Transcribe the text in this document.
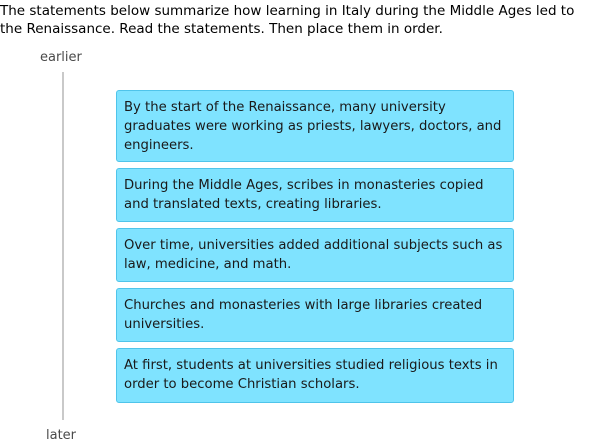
The statements below summarize how learning in Italy during the Middle Ages led to the Renaissance. Read the statements. Then place them in order.

earlier
later
By the start of the Renaissance, many university graduates were working as priests, lawyers, doctors, and engineers.
During the Middle Ages, scribes in monasteries copied and translated texts, creating libraries.
Over time, universities added additional subjects such as law, medicine, and math.
Churches and monasteries with large libraries created universities.
At first, students at universities studied religious texts in order to become Christian scholars.
